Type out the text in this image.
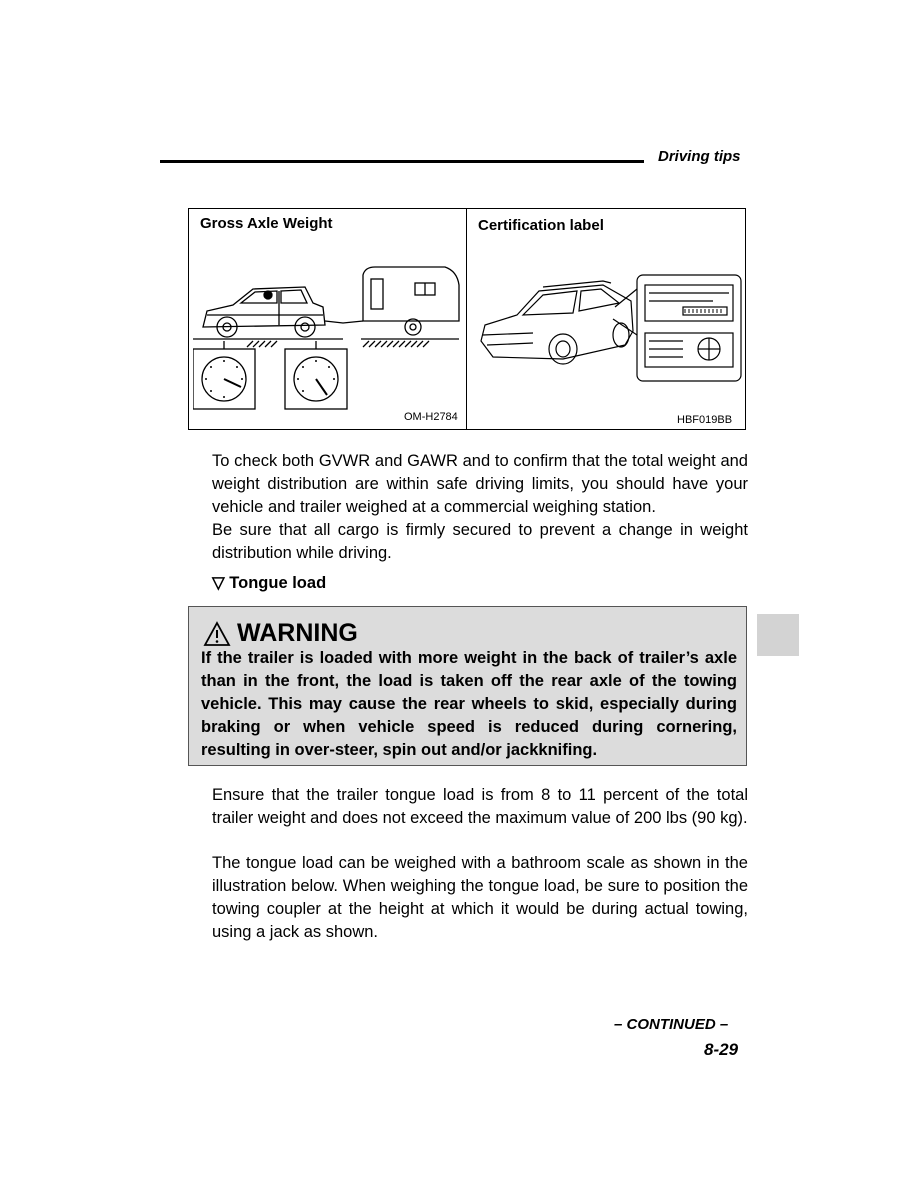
Driving tips
Gross Axle Weight
OM-H2784
Certification label
HBF019BB
To check both GVWR and GAWR and to confirm that the total weight and weight distribution are within safe driving limits, you should have your vehicle and trailer weighed at a commercial weighing station.
Be sure that all cargo is firmly secured to prevent a change in weight distribution while driving.
▽ Tongue load
WARNING
If the trailer is loaded with more weight in the back of trailer’s axle than in the front, the load is taken off the rear axle of the towing vehicle. This may cause the rear wheels to skid, especially during braking or when vehicle speed is reduced during cornering, resulting in over-steer, spin out and/or jackknifing.
Ensure that the trailer tongue load is from 8 to 11 percent of the total trailer weight and does not exceed the maximum value of 200 lbs (90 kg).
The tongue load can be weighed with a bathroom scale as shown in the illustration below. When weighing the tongue load, be sure to position the towing coupler at the height at which it would be during actual towing, using a jack as shown.
– CONTINUED –
8-29
